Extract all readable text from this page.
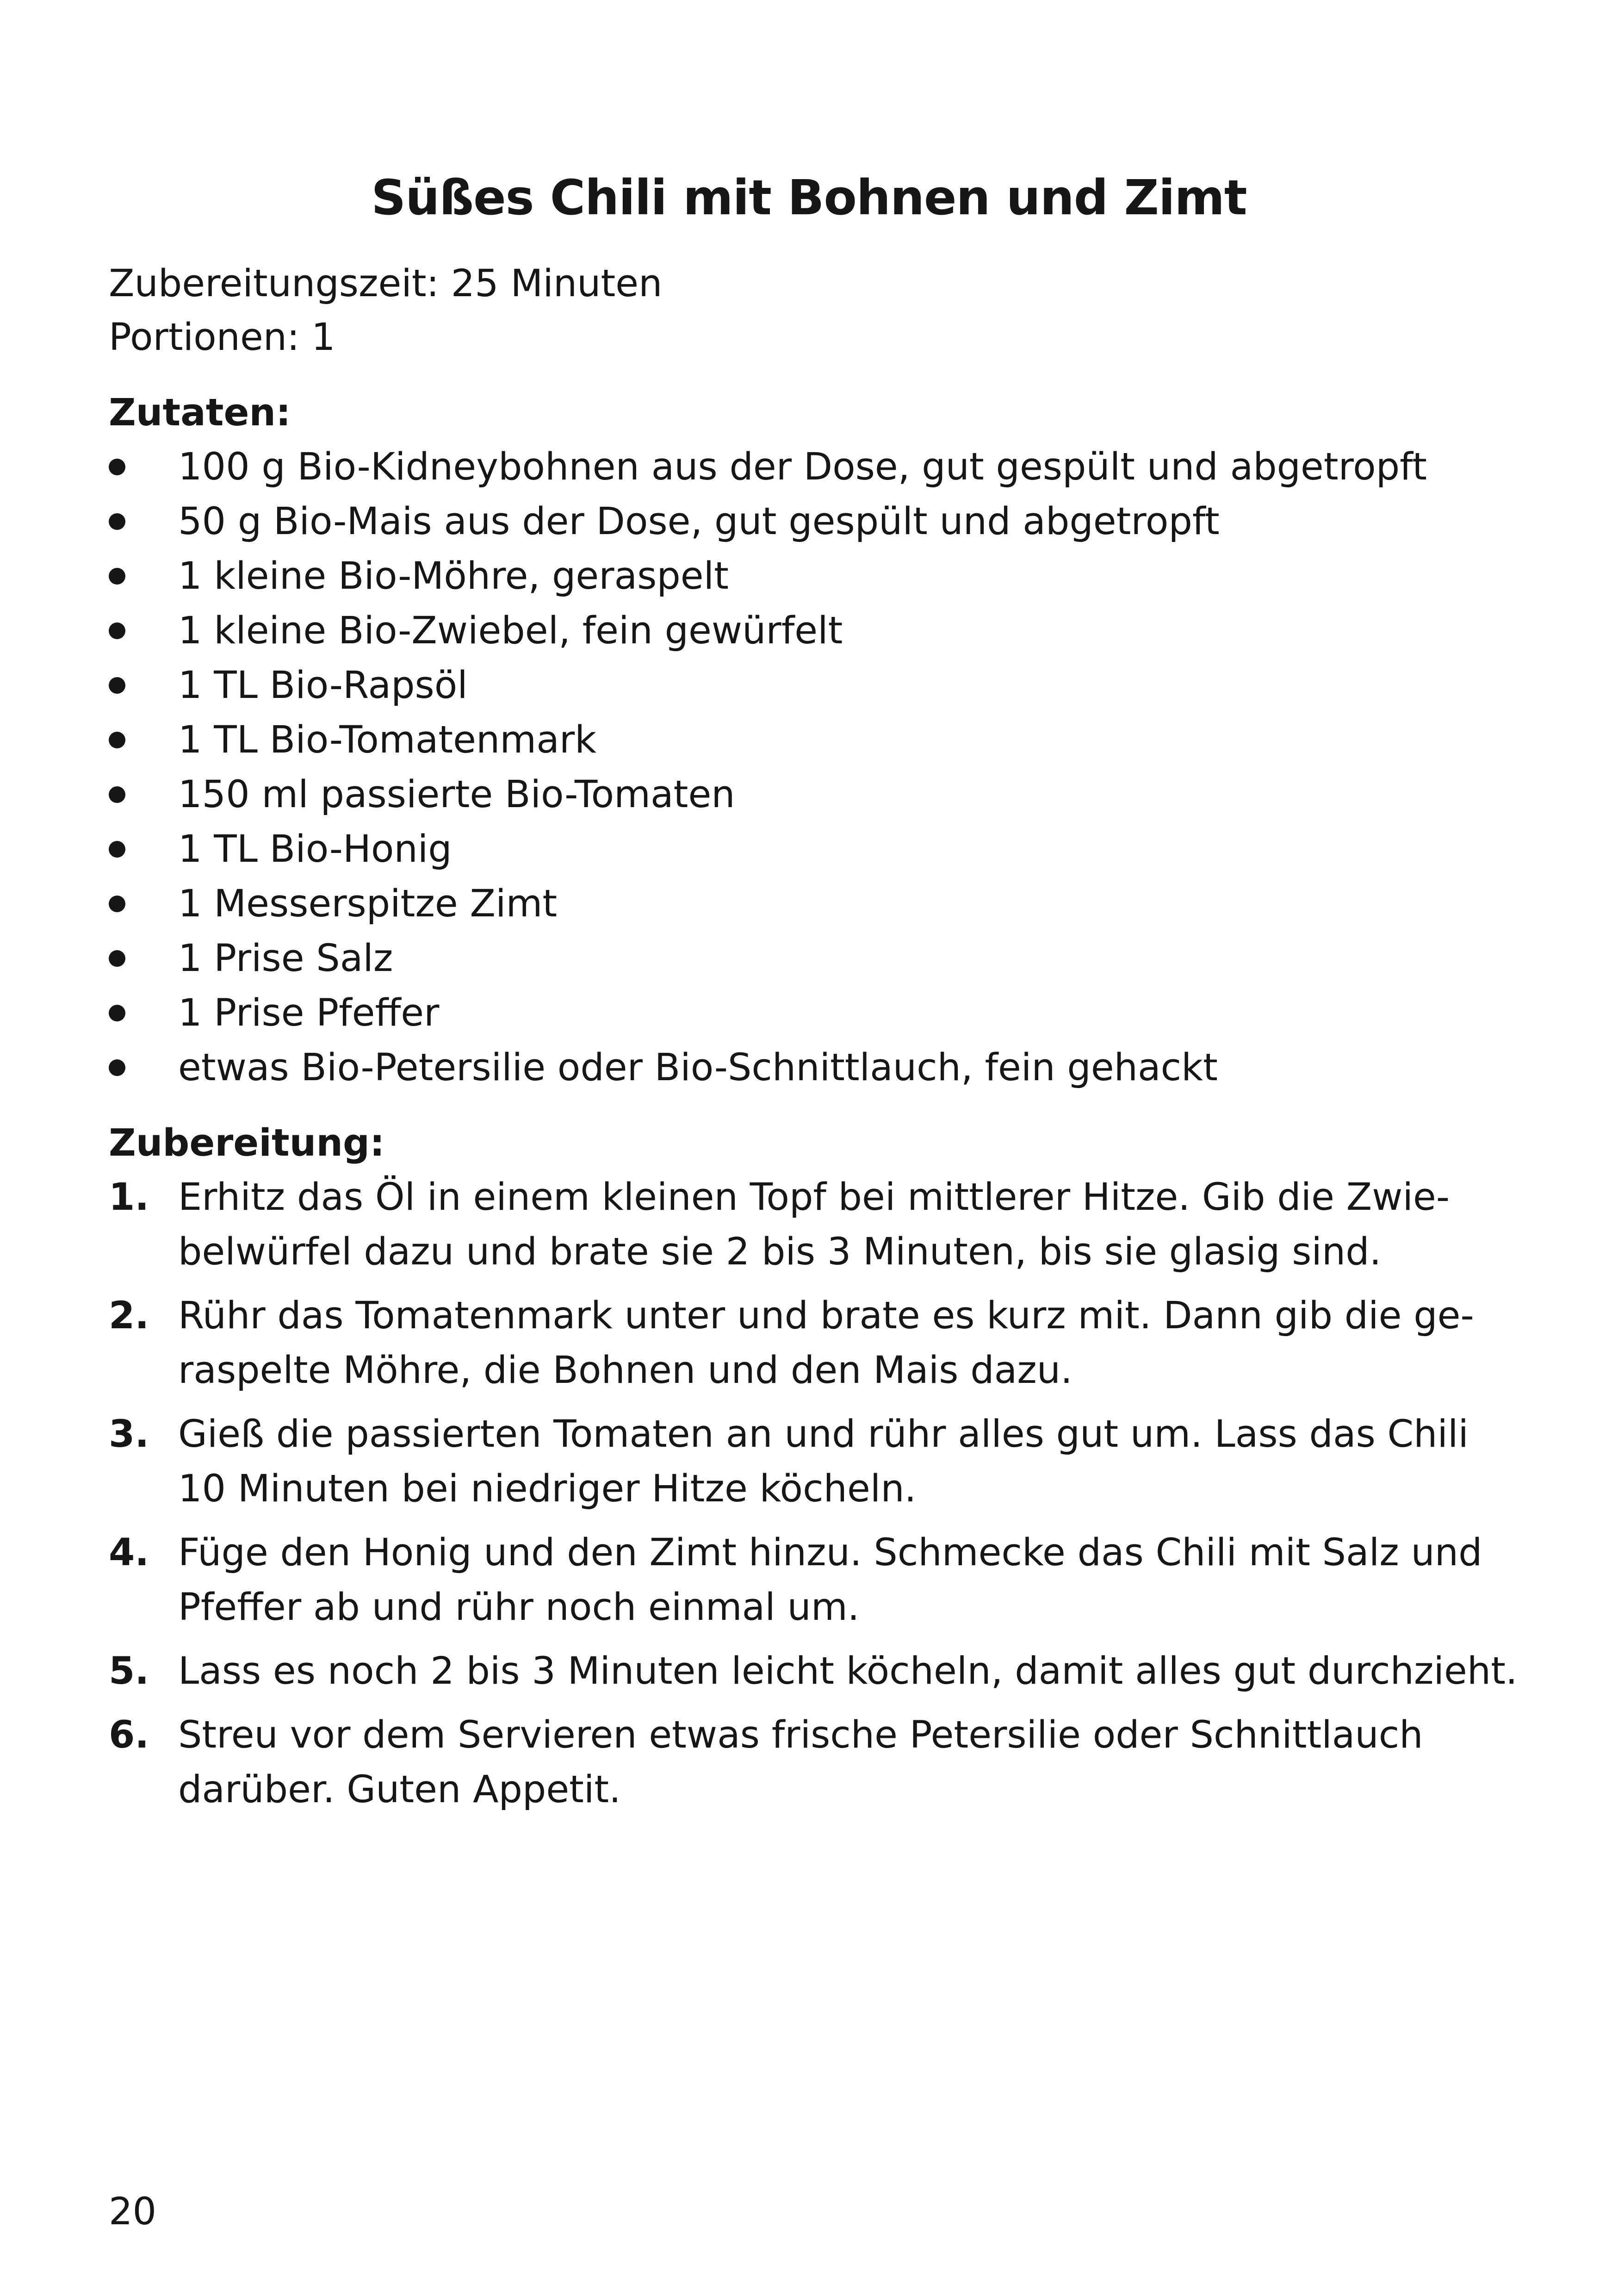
Süßes Chili mit Bohnen und Zimt
Zubereitungszeit: 25 Minuten
Portionen: 1
Zutaten:
100 g Bio-Kidneybohnen aus der Dose, gut gespült und abgetropft
50 g Bio-Mais aus der Dose, gut gespült und abgetropft
1 kleine Bio-Möhre, geraspelt
1 kleine Bio-Zwiebel, fein gewürfelt
1 TL Bio-Rapsöl
1 TL Bio-Tomatenmark
150 ml passierte Bio-Tomaten
1 TL Bio-Honig
1 Messerspitze Zimt
1 Prise Salz
1 Prise Pfeffer
etwas Bio-Petersilie oder Bio-Schnittlauch, fein gehackt
Zubereitung:
1. Erhitz das Öl in einem kleinen Topf bei mittlerer Hitze. Gib die Zwie-
belwürfel dazu und brate sie 2 bis 3 Minuten, bis sie glasig sind.
2. Rühr das Tomatenmark unter und brate es kurz mit. Dann gib die ge-
raspelte Möhre, die Bohnen und den Mais dazu.
3. Gieß die passierten Tomaten an und rühr alles gut um. Lass das Chili
10 Minuten bei niedriger Hitze köcheln.
4. Füge den Honig und den Zimt hinzu. Schmecke das Chili mit Salz und
Pfeffer ab und rühr noch einmal um.
5. Lass es noch 2 bis 3 Minuten leicht köcheln, damit alles gut durchzieht.
6. Streu vor dem Servieren etwas frische Petersilie oder Schnittlauch
darüber. Guten Appetit.
20
